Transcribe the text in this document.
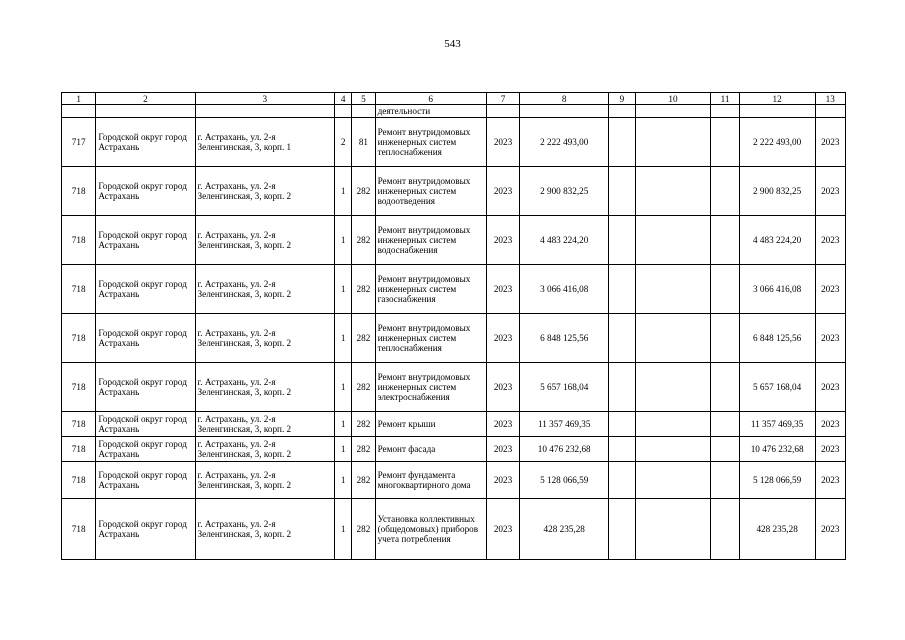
543
1	2	3	4	5	6	7	8	9	10	11	12	13
					деятельности							
717	Городской округ город Астрахань	г. Астрахань, ул. 2-я Зеленгинская, 3, корп. 1	2	81	Ремонт внутридомовых инженерных систем теплоснабжения	2023	2 222 493,00				2 222 493,00	2023
718	Городской округ город Астрахань	г. Астрахань, ул. 2-я Зеленгинская, 3, корп. 2	1	282	Ремонт внутридомовых инженерных систем водоотведения	2023	2 900 832,25				2 900 832,25	2023
718	Городской округ город Астрахань	г. Астрахань, ул. 2-я Зеленгинская, 3, корп. 2	1	282	Ремонт внутридомовых инженерных систем водоснабжения	2023	4 483 224,20				4 483 224,20	2023
718	Городской округ город Астрахань	г. Астрахань, ул. 2-я Зеленгинская, 3, корп. 2	1	282	Ремонт внутридомовых инженерных систем газоснабжения	2023	3 066 416,08				3 066 416,08	2023
718	Городской округ город Астрахань	г. Астрахань, ул. 2-я Зеленгинская, 3, корп. 2	1	282	Ремонт внутридомовых инженерных систем теплоснабжения	2023	6 848 125,56				6 848 125,56	2023
718	Городской округ город Астрахань	г. Астрахань, ул. 2-я Зеленгинская, 3, корп. 2	1	282	Ремонт внутридомовых инженерных систем электроснабжения	2023	5 657 168,04				5 657 168,04	2023
718	Городской округ город Астрахань	г. Астрахань, ул. 2-я Зеленгинская, 3, корп. 2	1	282	Ремонт крыши	2023	11 357 469,35				11 357 469,35	2023
718	Городской округ город Астрахань	г. Астрахань, ул. 2-я Зеленгинская, 3, корп. 2	1	282	Ремонт фасада	2023	10 476 232,68				10 476 232,68	2023
718	Городской округ город Астрахань	г. Астрахань, ул. 2-я Зеленгинская, 3, корп. 2	1	282	Ремонт фундамента многоквартирного дома	2023	5 128 066,59				5 128 066,59	2023
718	Городской округ город Астрахань	г. Астрахань, ул. 2-я Зеленгинская, 3, корп. 2	1	282	Установка коллективных (общедомовых) приборов учета потребления	2023	428 235,28				428 235,28	2023
